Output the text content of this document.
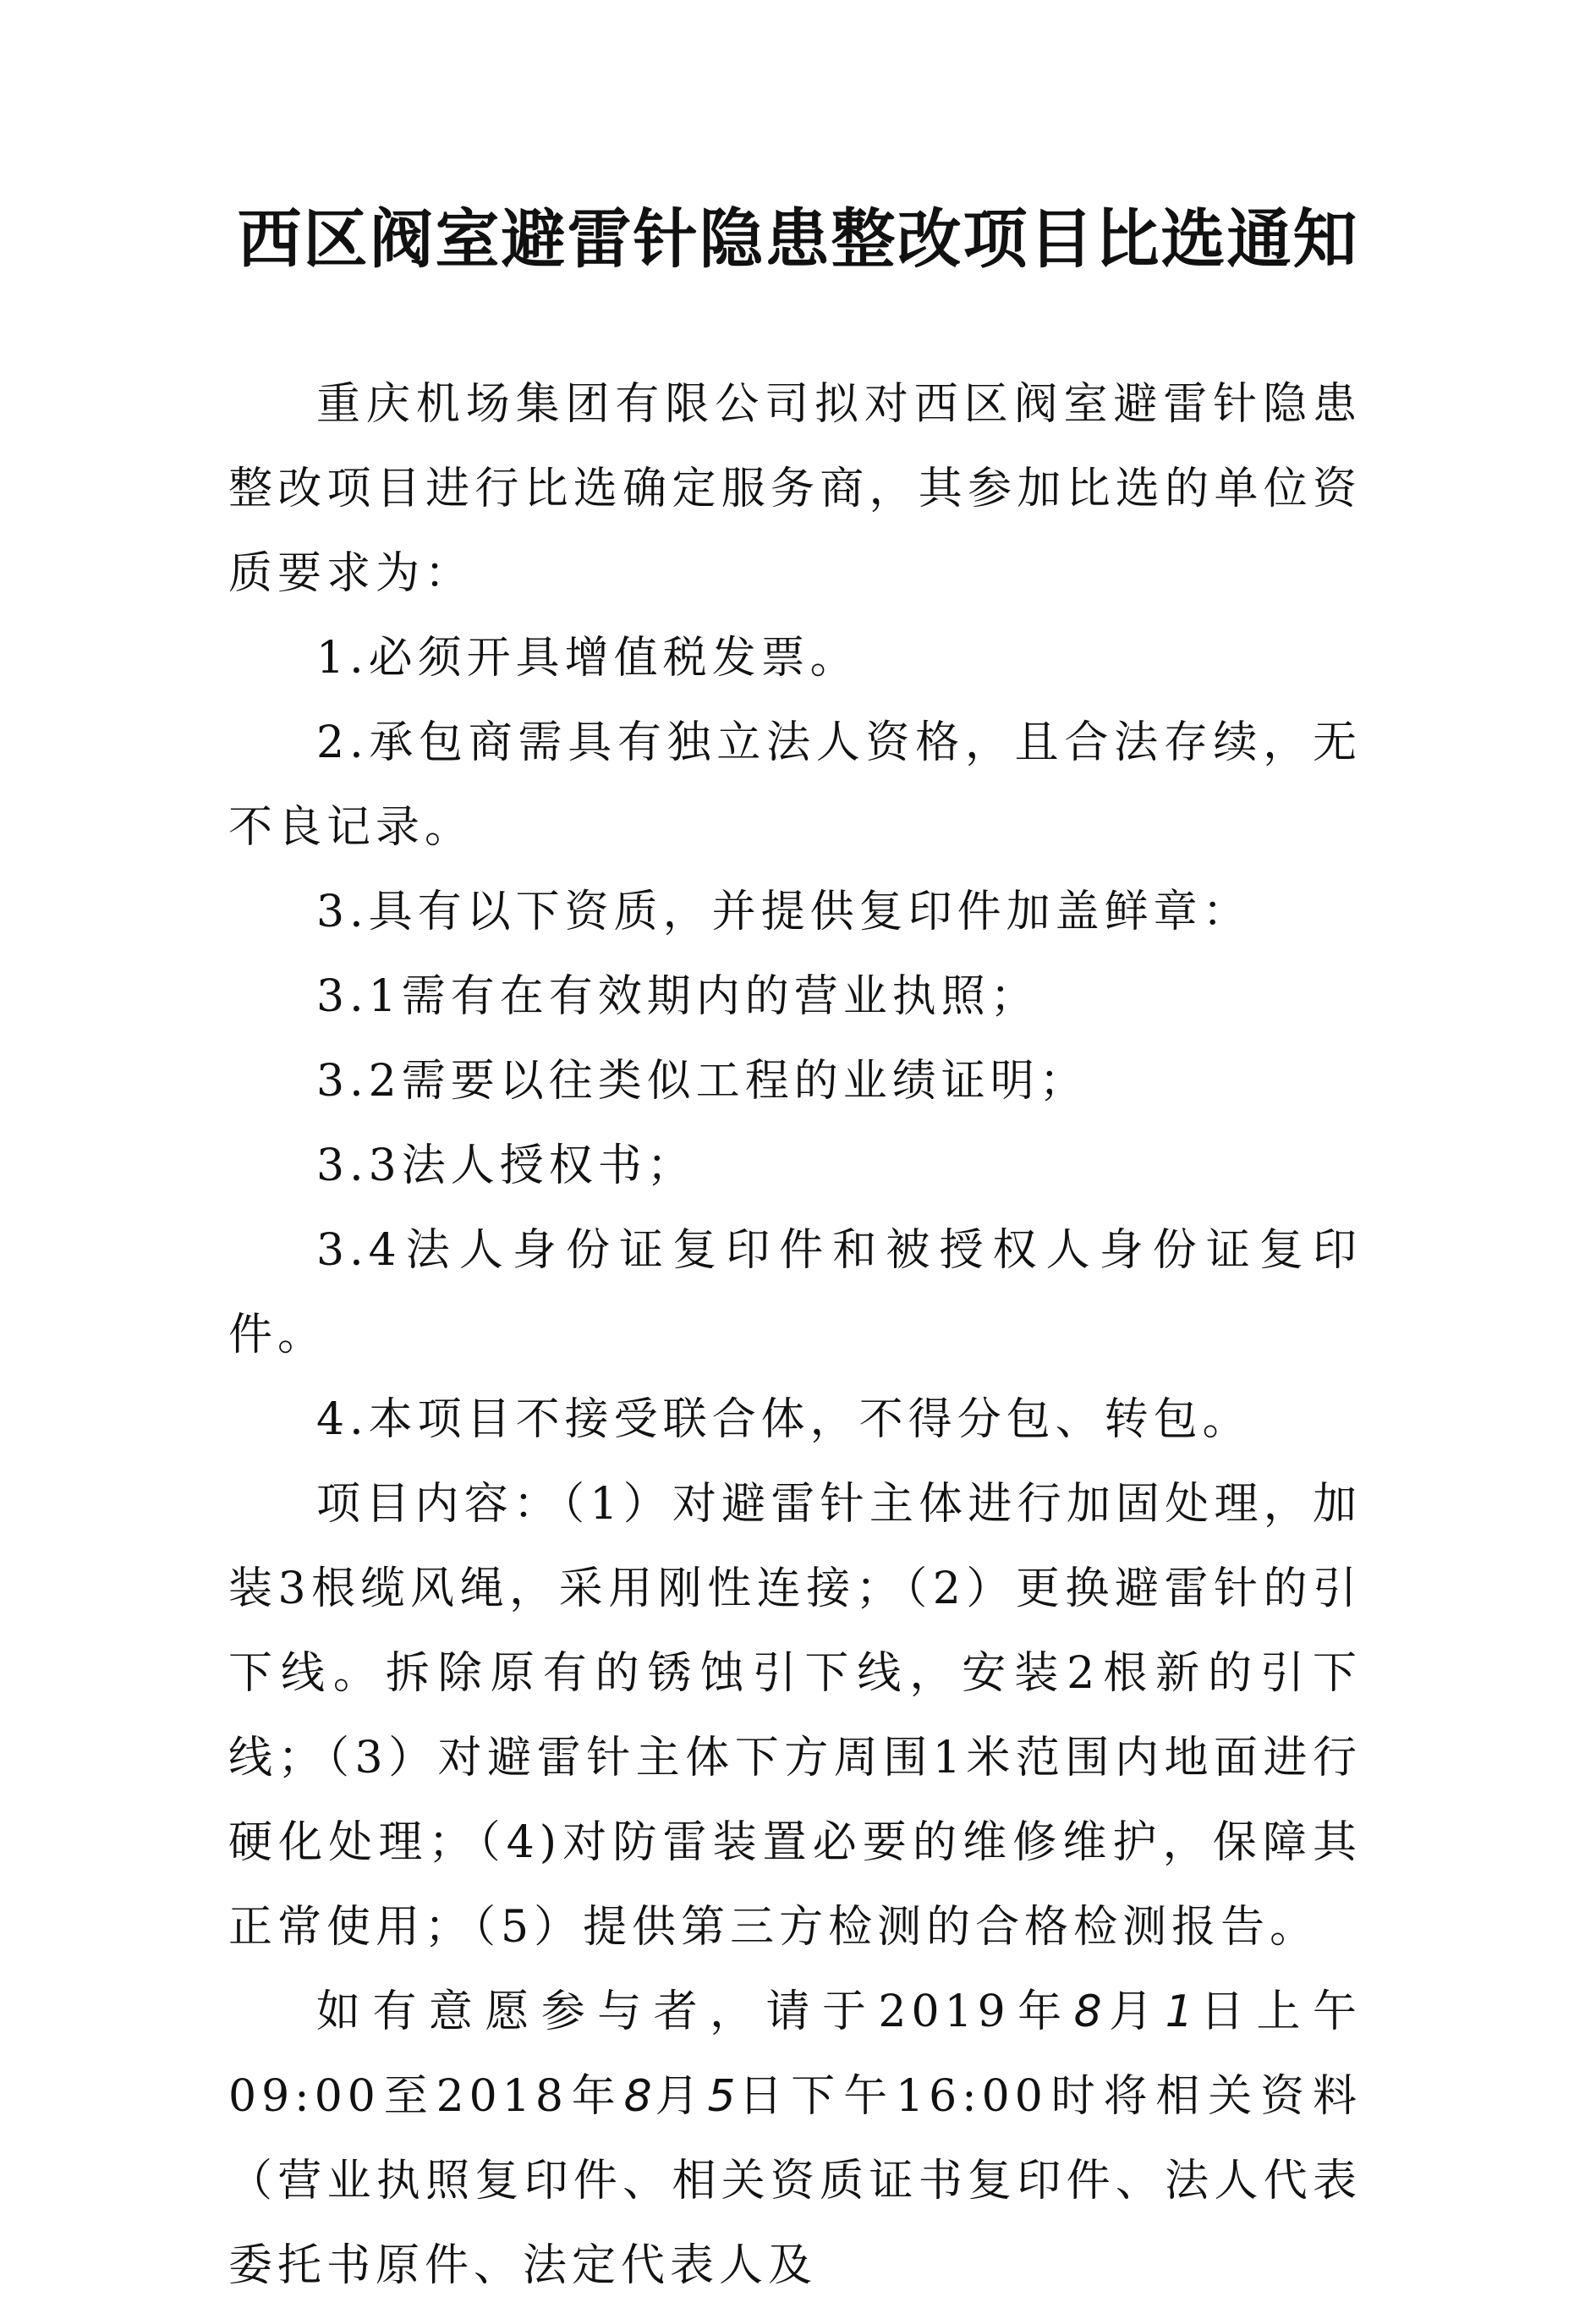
西区阀室避雷针隐患整改项目比选通知

重庆机场集团有限公司拟对西区阀室避雷针隐患整改项目进行比选确定服务商，其参加比选的单位资质要求为：

1.必须开具增值税发票。

2.承包商需具有独立法人资格，且合法存续，无不良记录。

3.具有以下资质，并提供复印件加盖鲜章：

3.1需有在有效期内的营业执照；

3.2需要以往类似工程的业绩证明；

3.3法人授权书；

3.4法人身份证复印件和被授权人身份证复印件。

4.本项目不接受联合体，不得分包、转包。

项目内容：（1）对避雷针主体进行加固处理，加装3根缆风绳，采用刚性连接；（2）更换避雷针的引下线。拆除原有的锈蚀引下线，安装2根新的引下线；（3）对避雷针主体下方周围1米范围内地面进行硬化处理；（4)对防雷装置必要的维修维护，保障其正常使用；（5）提供第三方检测的合格检测报告。

如有意愿参与者，请于2019年8月1日上午09:00至2018年8月5日下午16:00时将相关资料（营业执照复印件、相关资质证书复印件、法人代表委托书原件、法定代表人及
